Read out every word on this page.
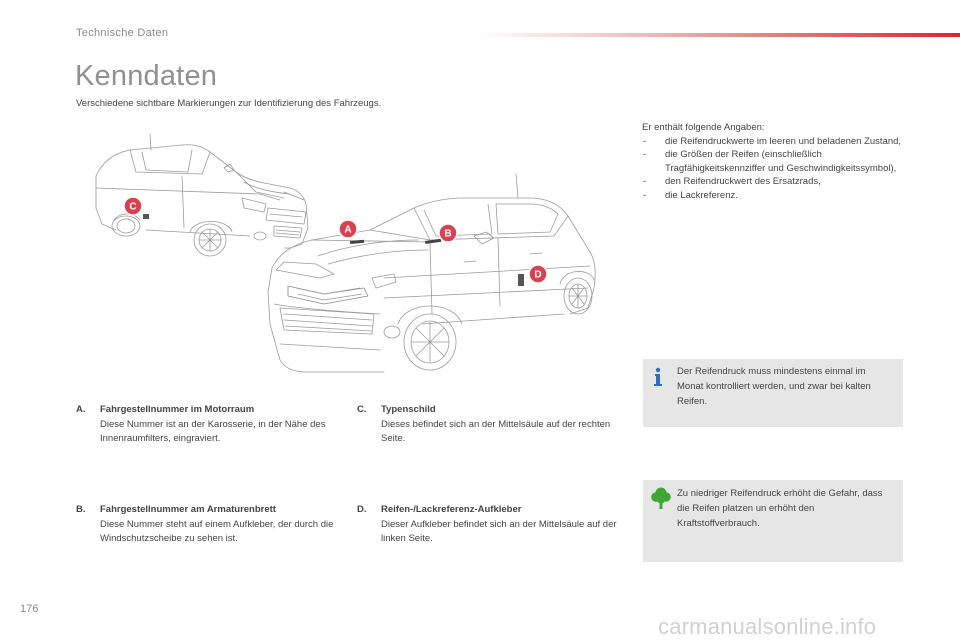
Technische Daten
Kenndaten
Verschiedene sichtbare Markierungen zur Identifizierung des Fahrzeugs.
C
A	B
D
Er enthält folgende Angaben:
- die Reifendruckwerte im leeren und beladenen Zustand,
- die Größen der Reifen (einschließlich Tragfähigkeitskennziffer und Geschwindigkeitssymbol),
- den Reifendruckwert des Ersatzrads,
- die Lackreferenz.
Der Reifendruck muss mindestens einmal im Monat kontrolliert werden, und zwar bei kalten Reifen.
Zu niedriger Reifendruck erhöht die Gefahr, dass die Reifen platzen un erhöht den Kraftstoffverbrauch.
A. Fahrgestellnummer im Motorraum
Diese Nummer ist an der Karosserie, in der Nähe des Innenraumfilters, eingraviert.
B. Fahrgestellnummer am Armaturenbrett
Diese Nummer steht auf einem Aufkleber, der durch die Windschutzscheibe zu sehen ist.
C. Typenschild
Dieses befindet sich an der Mittelsäule auf der rechten Seite.
D. Reifen-/Lackreferenz-Aufkleber
Dieser Aufkleber befindet sich an der Mittelsäule auf der linken Seite.
176
carmanualsonline.info
